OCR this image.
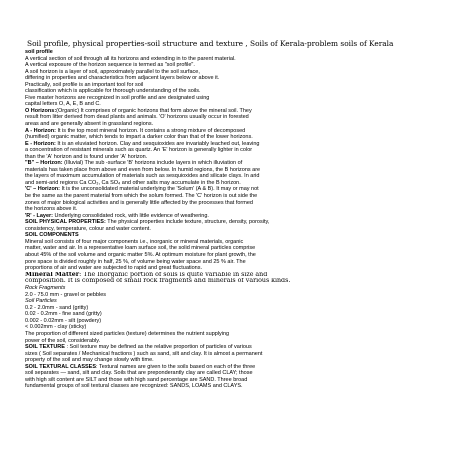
Soil profile, physical properties-soil structure and texture , Soils of Kerala-problem soils of Kerala
soil profile
A vertical section of soil through all its horizons and extending in to the parent material.
A vertical exposure of the horizon sequence is termed as "soil profile".
A soil horizon is a layer of soil, approximately parallel to the soil surface,
differing in properties and characteristics from adjacent layers below or above it.
Practically, soil profile is an important tool for soil
classification which is applicable for thorough understanding of the soils.
Five master horizons are recognized in soil profile and are designated using
capital letters O, A, E, B and C.
O Horizons:(Organic) It comprises of organic horizons that form above the mineral soil. They
result from litter derived from dead plants and animals. 'O' horizons usually occur in forested
areas and are generally absent in grassland regions.
A - Horizon: It is the top most mineral horizon. It contains a strong mixture of decomposed
(humified) organic matter, which tends to impart a darker color than that of the lower horizons.
E - Horizon: It is an eluviated horizon. Clay and sesquioxides are invariably leached out, leaving
a concentration of resistant minerals such as quartz. An 'E' horizon is generally lighter in color
than the 'A' horizon and is found under 'A' horizon.
"B" – Horizon: (Illuvial) The sub -surface 'B' horizons include layers in which illuviation of
materials has taken place from above and even from below. In humid regions, the B horizons are
the layers of maximum accumulation of materials such as sesquioxides and silicate clays. In arid
and semi-arid regions Ca CO₃, Ca SO₄ and other salts may accumulate in the B horizon.
'C' – Horizon: It is the unconsolidated material underlying the 'Solum' (A & B). It may or may not
be the same as the parent material from which the solum formed. The 'C' horizon is out side the
zones of major biological activities and is generally little affected by the processes that formed
the horizons above it.
'R' - Layer: Underlying consolidated rock, with little evidence of weathering.
SOIL PHYSICAL PROPERTIES: The physical properties include texture, structure, density, porosity,
consistency, temperature, colour and water content.
SOIL COMPONENTS
Mineral soil consists of four major components i.e., inorganic or mineral materials, organic
matter, water and air. In a representative loam surface soil, the solid mineral particles comprise
about 45% of the soil volume and organic matter 5%. At optimum moisture for plant growth, the
pore space is divided roughly in half, 25 %, of volume being water space and 25 % air. The
proportions of air and water are subjected to rapid and great fluctuations.
Mineral Matter: The Inorganic portion of soils is quite variable in size and
composition. It is composed of small rock fragments and minerals of various kinds.
Rock Fragments
2.0 - 75.0 mm - gravel or pebbles
Soil Particles
0.2 - 2.0mm - sand (gritty)
0.02 - 0.2mm - fine sand (gritty)
0.002 - 0.02mm - silt (powdery)
< 0.002mm - clay (sticky)
The proportion of different sized particles (texture) determines the nutrient supplying
power of the soil, considerably.
SOIL TEXTURE : Soil texture may be defined as the relative proportion of particles of various
sizes ( Soil separates / Mechanical fractions ) such as sand, silt and clay. It is almost a permanent
property of the soil and may change slowly with time.
SOIL TEXTURAL CLASSES: Textural names are given to the soils based on each of the three
soil separates — sand, silt and clay. Soils that are preponderantly clay are called CLAY; those
with high silt content are SILT and those with high sand percentage are SAND. Three broad
fundamental groups of soil textural classes are recognized: SANDS, LOAMS and CLAYS.
